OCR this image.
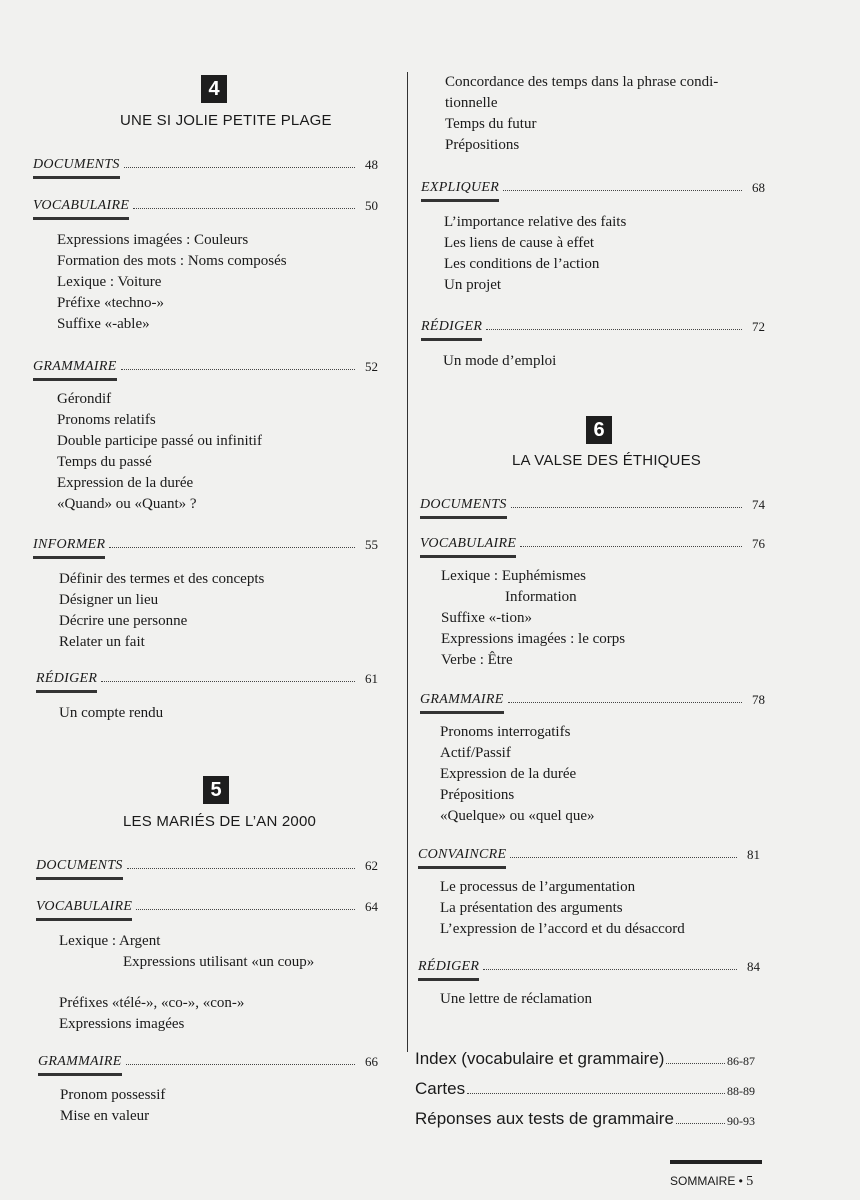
4
UNE SI JOLIE PETITE PLAGE
DOCUMENTS	48
VOCABULAIRE	50
Expressions imagées : Couleurs
Formation des mots : Noms composés
Lexique : Voiture
Préfixe «techno-»
Suffixe «-able»
GRAMMAIRE	52
Gérondif
Pronoms relatifs
Double participe passé ou infinitif
Temps du passé
Expression de la durée
«Quand» ou «Quant» ?
INFORMER	55
Définir des termes et des concepts
Désigner un lieu
Décrire une personne
Relater un fait
RÉDIGER	61
Un compte rendu
5
LES MARIÉS DE L’AN 2000
DOCUMENTS	62
VOCABULAIRE	64
Lexique : Argent
Expressions utilisant «un coup»
Préfixes «télé-», «co-», «con-»
Expressions imagées
GRAMMAIRE	66
Pronom possessif
Mise en valeur
Concordance des temps dans la phrase condi-
tionnelle
Temps du futur
Prépositions
EXPLIQUER	68
L’importance relative des faits
Les liens de cause à effet
Les conditions de l’action
Un projet
RÉDIGER	72
Un mode d’emploi
6
LA VALSE DES ÉTHIQUES
DOCUMENTS	74
VOCABULAIRE	76
Lexique : Euphémismes
Information
Suffixe «-tion»
Expressions imagées : le corps
Verbe : Être
GRAMMAIRE	78
Pronoms interrogatifs
Actif/Passif
Expression de la durée
Prépositions
«Quelque» ou «quel que»
CONVAINCRE	81
Le processus de l’argumentation
La présentation des arguments
L’expression de l’accord et du désaccord
RÉDIGER	84
Une lettre de réclamation
Index (vocabulaire et grammaire)	86-87
Cartes	88-89
Réponses aux tests de grammaire	90-93
SOMMAIRE • 5
